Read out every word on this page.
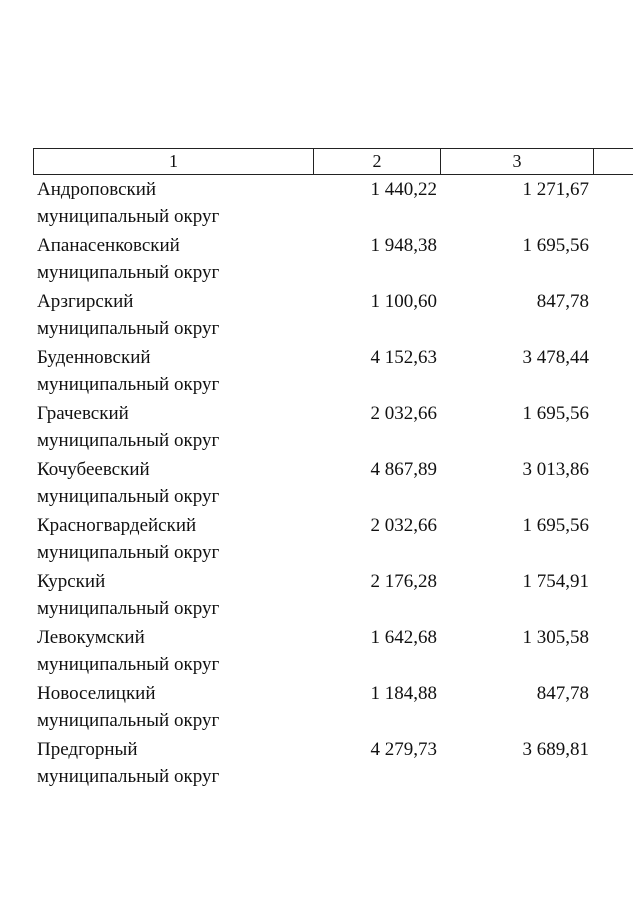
1	2	3
Андроповский
муниципальный округ
1 440,22	1 271,67
Апанасенковский
муниципальный округ
1 948,38	1 695,56
Арзгирский
муниципальный округ
1 100,60	847,78
Буденновский
муниципальный округ
4 152,63	3 478,44
Грачевский
муниципальный округ
2 032,66	1 695,56
Кочубеевский
муниципальный округ
4 867,89	3 013,86
Красногвардейский
муниципальный округ
2 032,66	1 695,56
Курский
муниципальный округ
2 176,28	1 754,91
Левокумский
муниципальный округ
1 642,68	1 305,58
Новоселицкий
муниципальный округ
1 184,88	847,78
Предгорный
муниципальный округ
4 279,73	3 689,81
